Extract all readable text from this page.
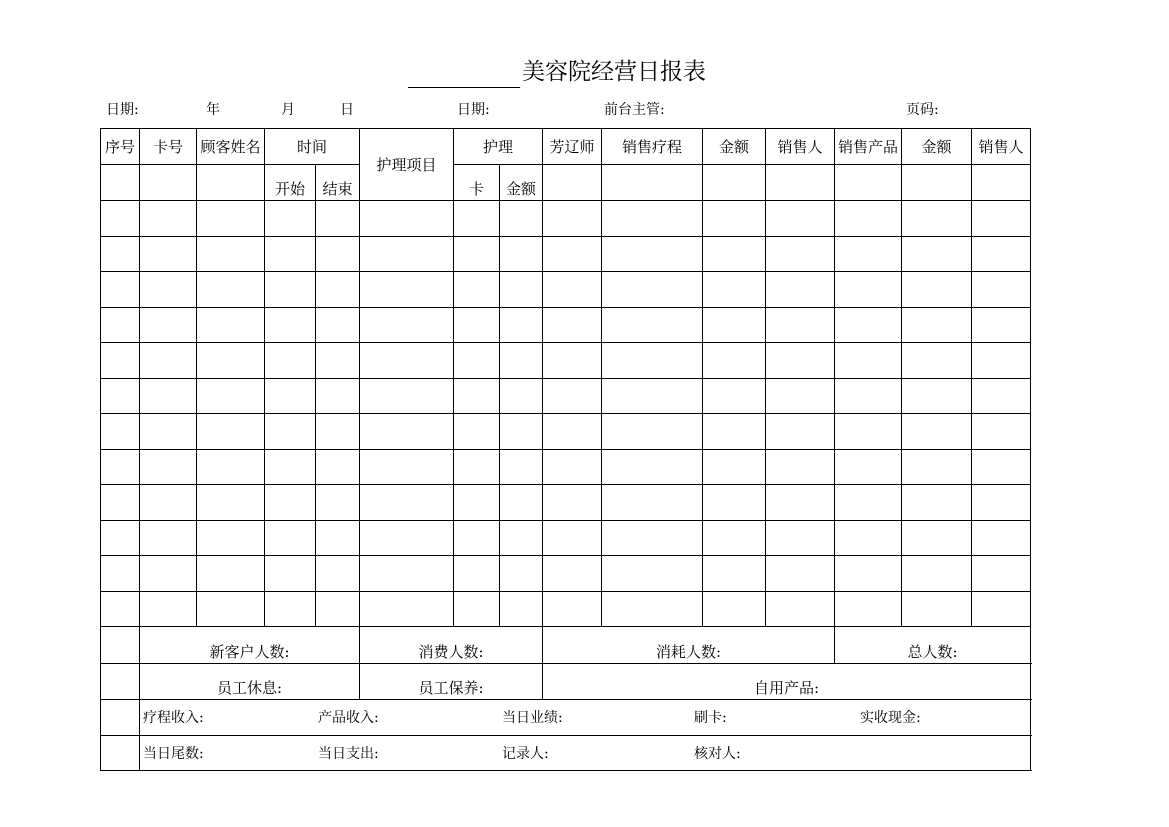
美容院经营日报表
日期:	年	月	日	日期:	前台主管:	页码:
序号	卡号	顾客姓名	时间		护理项目	护理		芳辽师	销售疗程	金额	销售人	销售产品	金额	销售人	
			开始	结束		卡	金额								

	新客户人数:				消费人数:			消耗人数:				总人数:			
	员工休息:				员工保养:			自用产品:							
	疗程收入: 产品收入: 当日业绩: 刷卡: 实收现金:														
	当日尾数: 当日支出: 记录人: 核对人:														
